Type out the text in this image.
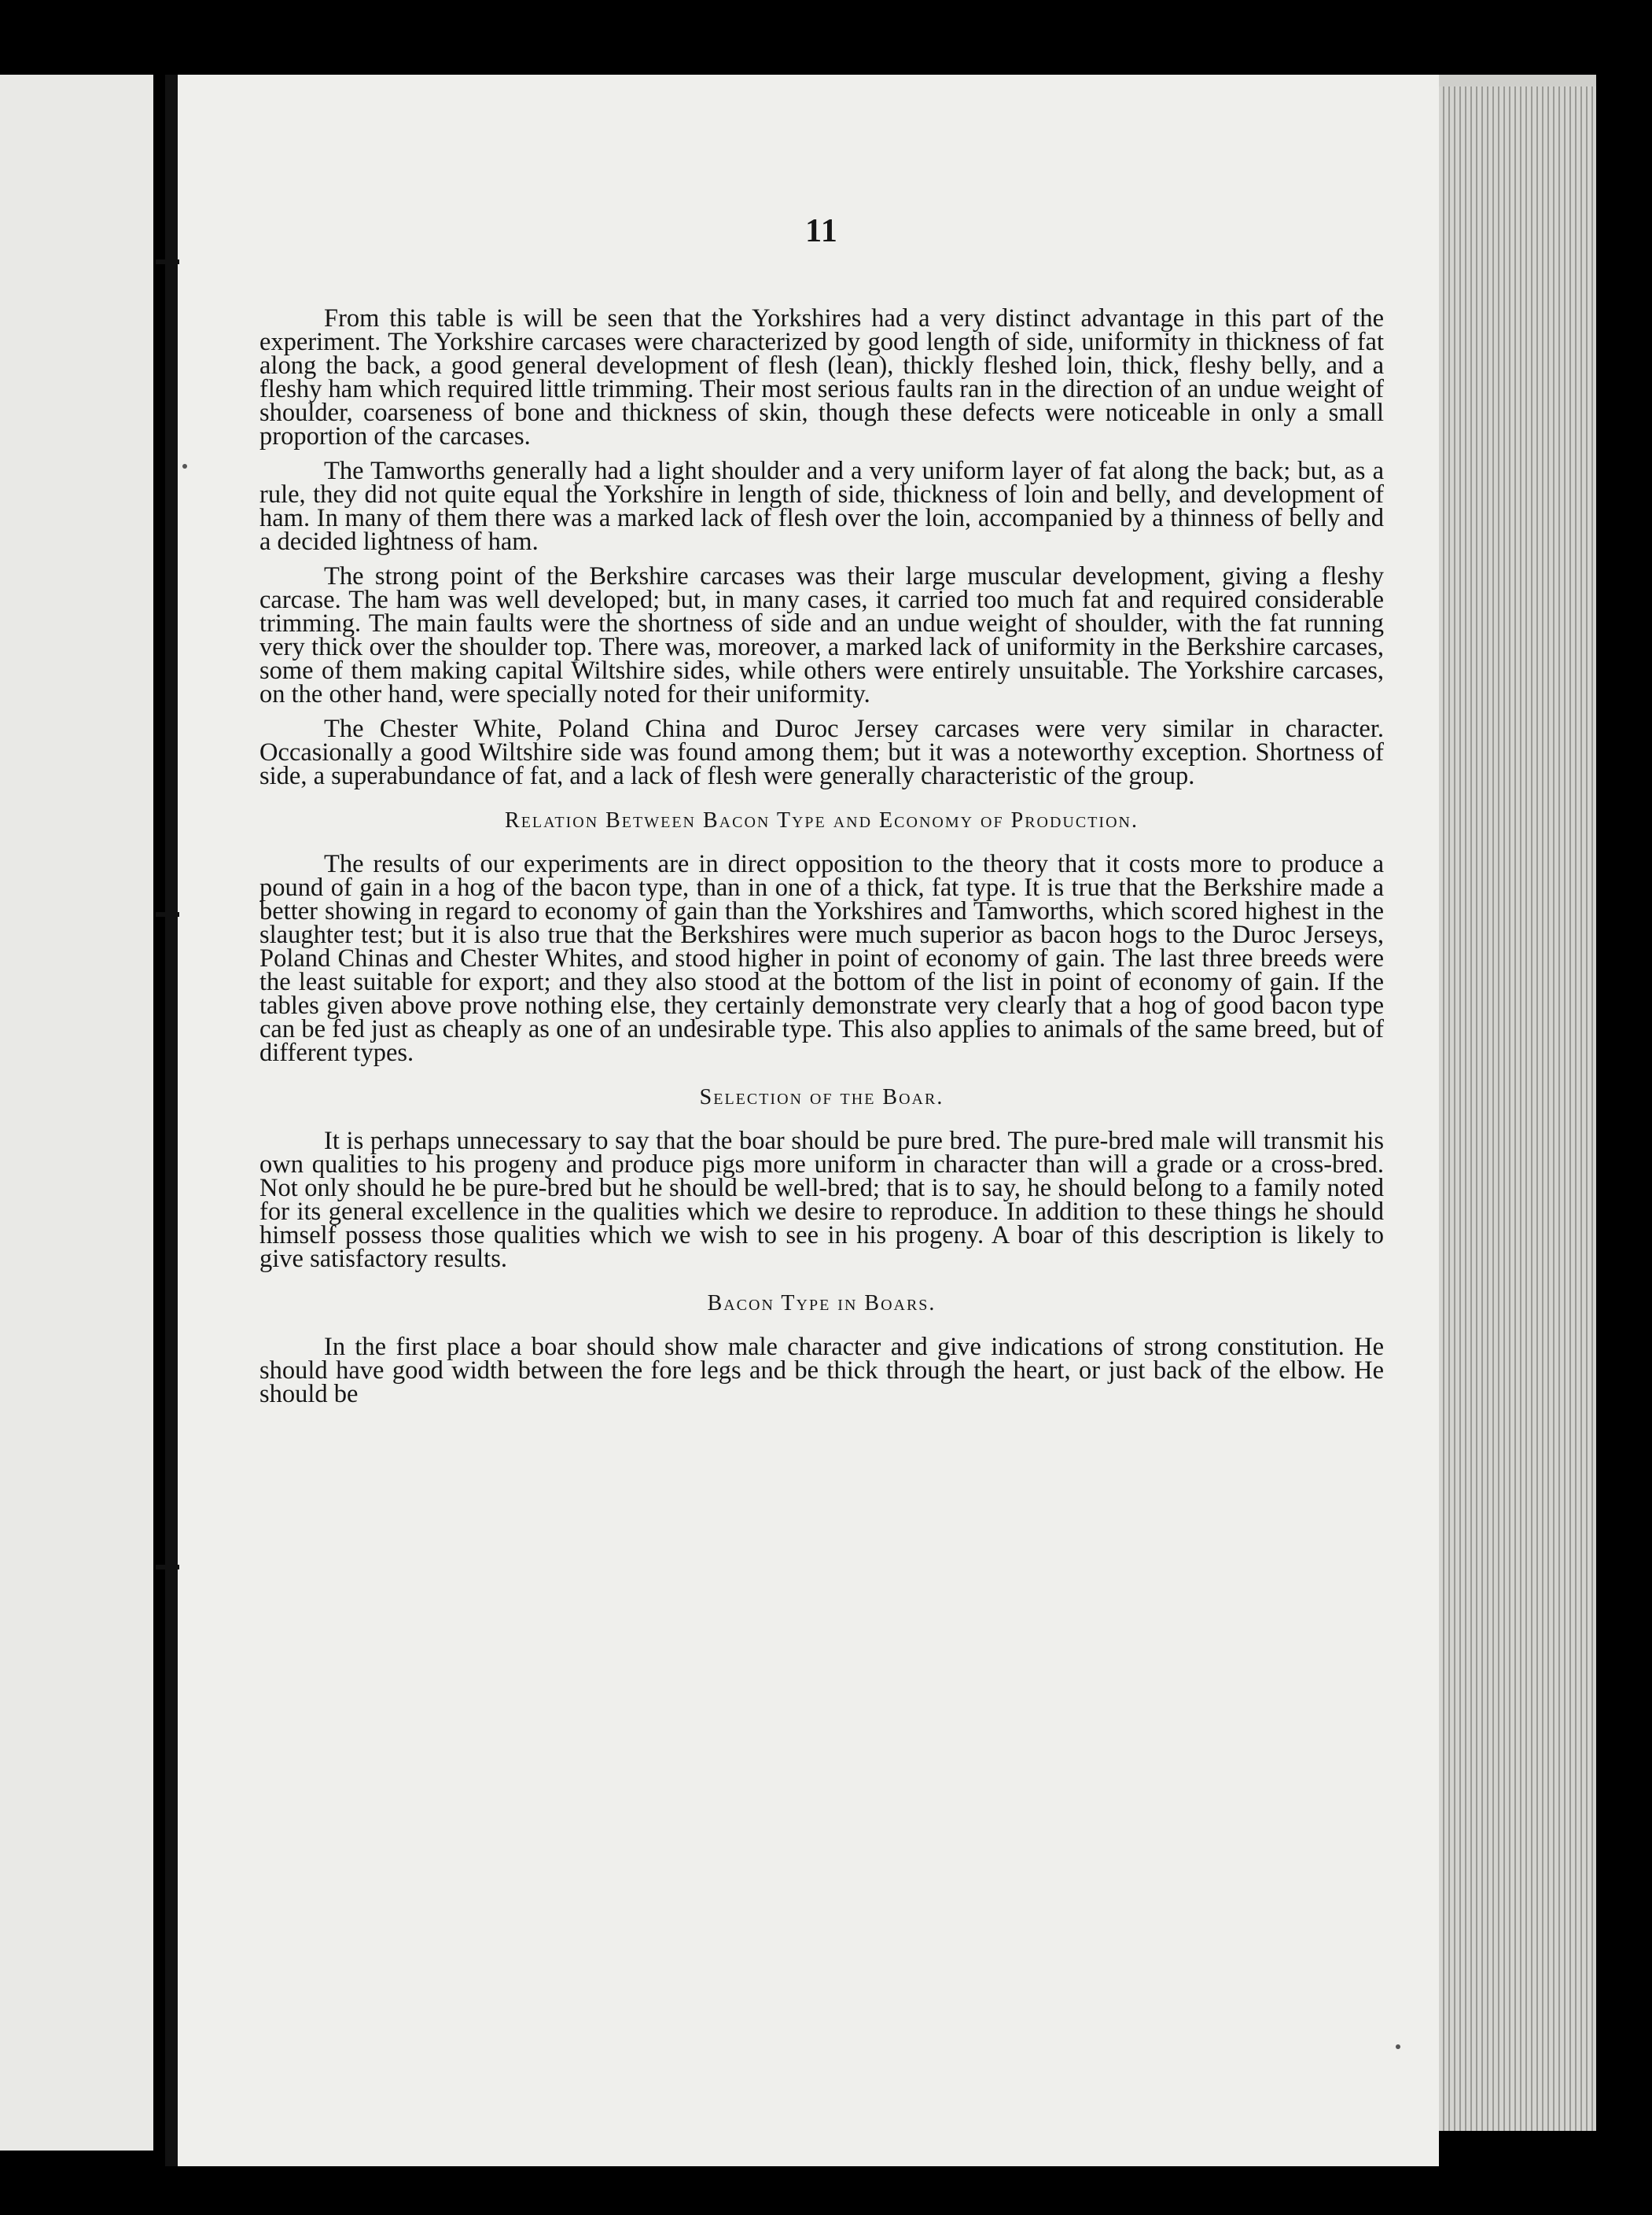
11

From this table is will be seen that the Yorkshires had a very distinct advantage in this part of the experiment. The Yorkshire carcases were characterized by good length of side, uniformity in thickness of fat along the back, a good general development of flesh (lean), thickly fleshed loin, thick, fleshy belly, and a fleshy ham which required little trimming. Their most serious faults ran in the direction of an undue weight of shoulder, coarseness of bone and thickness of skin, though these defects were noticeable in only a small proportion of the carcases.

The Tamworths generally had a light shoulder and a very uniform layer of fat along the back; but, as a rule, they did not quite equal the Yorkshire in length of side, thickness of loin and belly, and development of ham. In many of them there was a marked lack of flesh over the loin, accompanied by a thinness of belly and a decided lightness of ham.

The strong point of the Berkshire carcases was their large muscular development, giving a fleshy carcase. The ham was well developed; but, in many cases, it carried too much fat and required considerable trimming. The main faults were the shortness of side and an undue weight of shoulder, with the fat running very thick over the shoulder top. There was, moreover, a marked lack of uniformity in the Berkshire carcases, some of them making capital Wiltshire sides, while others were entirely unsuitable. The Yorkshire carcases, on the other hand, were specially noted for their uniformity.

The Chester White, Poland China and Duroc Jersey carcases were very similar in character. Occasionally a good Wiltshire side was found among them; but it was a noteworthy exception. Shortness of side, a superabundance of fat, and a lack of flesh were generally characteristic of the group.

Relation Between Bacon Type and Economy of Production.

The results of our experiments are in direct opposition to the theory that it costs more to produce a pound of gain in a hog of the bacon type, than in one of a thick, fat type. It is true that the Berkshire made a better showing in regard to economy of gain than the Yorkshires and Tamworths, which scored highest in the slaughter test; but it is also true that the Berkshires were much superior as bacon hogs to the Duroc Jerseys, Poland Chinas and Chester Whites, and stood higher in point of economy of gain. The last three breeds were the least suitable for export; and they also stood at the bottom of the list in point of economy of gain. If the tables given above prove nothing else, they certainly demonstrate very clearly that a hog of good bacon type can be fed just as cheaply as one of an undesirable type. This also applies to animals of the same breed, but of different types.

Selection of the Boar.

It is perhaps unnecessary to say that the boar should be pure bred. The pure-bred male will transmit his own qualities to his progeny and produce pigs more uniform in character than will a grade or a cross-bred. Not only should he be pure-bred but he should be well-bred; that is to say, he should belong to a family noted for its general excellence in the qualities which we desire to reproduce. In addition to these things he should himself possess those qualities which we wish to see in his progeny. A boar of this description is likely to give satisfactory results.

Bacon Type in Boars.

In the first place a boar should show male character and give indications of strong constitution. He should have good width between the fore legs and be thick through the heart, or just back of the elbow. He should be
